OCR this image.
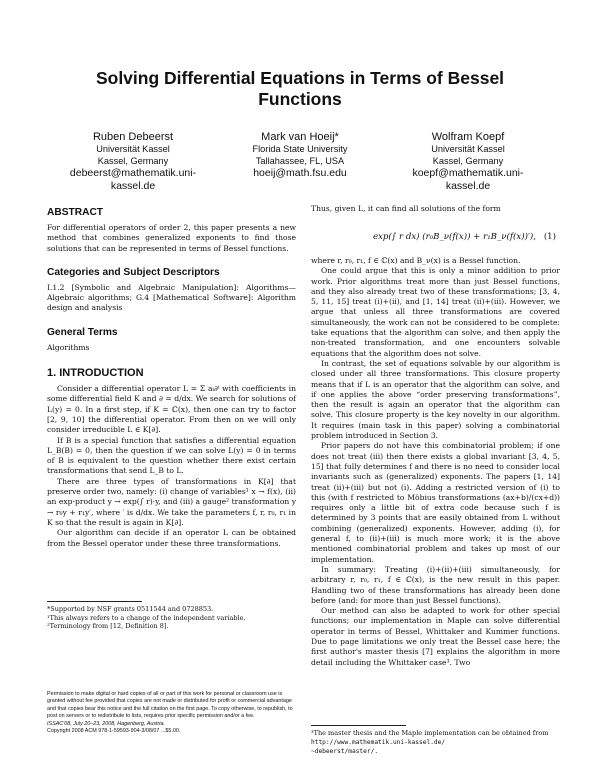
Solving Differential Equations in Terms of Bessel Functions
Ruben Debeerst
Universität Kassel
Kassel, Germany
debeerst@mathematik.uni-
kassel.de
Mark van Hoeij*
Florida State University
Tallahassee, FL, USA
hoeij@math.fsu.edu
Wolfram Koepf
Universität Kassel
Kassel, Germany
koepf@mathematik.uni-
kassel.de
ABSTRACT

For differential operators of order 2, this paper presents a new method that combines generalized exponents to find those solutions that can be represented in terms of Bessel functions.

Categories and Subject Descriptors

I.1.2 [Symbolic and Algebraic Manipulation]: Algorithms—Algebraic algorithms; G.4 [Mathematical Software]: Algorithm design and analysis

General Terms

Algorithms

1. INTRODUCTION

Consider a differential operator L = Σ aᵢ∂ⁱ with coefficients in some differential field K and ∂ = d/dx. We search for solutions of L(y) = 0. In a first step, if K = ℂ(x), then one can try to factor [2, 9, 10] the differential operator. From then on we will only consider irreducible L ∈ K[∂].

If B is a special function that satisfies a differential equation L_B(B) = 0, then the question if we can solve L(y) = 0 in terms of B is equivalent to the question whether there exist certain transformations that send L_B to L.

There are three types of transformations in K[∂] that preserve order two, namely: (i) change of variables¹ x → f(x), (ii) an exp-product y → exp(∫ r)·y, and (iii) a gauge² transformation y → r₀y + r₁y′, where ′ is d/dx. We take the parameters f, r, r₀, r₁ in K so that the result is again in K[∂].

Our algorithm can decide if an operator L can be obtained from the Bessel operator under these three transformations.

*Supported by NSF grants 0511544 and 0728853.
¹This always refers to a change of the independent variable.
²Terminology from [12, Definition 8].
Permission to make digital or hard copies of all or part of this work for personal or classroom use is granted without fee provided that copies are not made or distributed for profit or commercial advantage and that copies bear this notice and the full citation on the first page. To copy otherwise, to republish, to post on servers or to redistribute to lists, requires prior specific permission and/or a fee.
ISSAC'08, July 20–23, 2008, Hagenberg, Austria.
Copyright 2008 ACM 978-1-59593-904-3/08/07 ...$5.00.

Thus, given L, it can find all solutions of the form

exp(∫ r dx) (r₀B_ν(f(x)) + r₁B_ν(f(x))′), (1)

where r, r₀, r₁, f ∈ ℂ(x) and B_ν(x) is a Bessel function.

One could argue that this is only a minor addition to prior work. Prior algorithms treat more than just Bessel functions, and they also already treat two of these transformations; [3, 4, 5, 11, 15] treat (i)+(ii), and [1, 14] treat (ii)+(iii). However, we argue that unless all three transformations are covered simultaneously, the work can not be considered to be complete: take equations that the algorithm can solve, and then apply the non-treated transformation, and one encounters solvable equations that the algorithm does not solve.

In contrast, the set of equations solvable by our algorithm is closed under all three transformations. This closure property means that if L is an operator that the algorithm can solve, and if one applies the above “order preserving transformations”, then the result is again an operator that the algorithm can solve. This closure property is the key novelty in our algorithm. It requires (main task in this paper) solving a combinatorial problem introduced in Section 3.

Prior papers do not have this combinatorial problem; if one does not treat (iii) then there exists a global invariant [3, 4, 5, 15] that fully determines f and there is no need to consider local invariants such as (generalized) exponents. The papers [1, 14] treat (ii)+(iii) but not (i). Adding a restricted version of (i) to this (with f restricted to Möbius transformations (ax+b)/(cx+d)) requires only a little bit of extra code because such f is determined by 3 points that are easily obtained from L without combining (generalized) exponents. However, adding (i), for general f, to (ii)+(iii) is much more work; it is the above mentioned combinatorial problem and takes up most of our implementation.

In summary: Treating (i)+(ii)+(iii) simultaneously, for arbitrary r, r₀, r₁, f ∈ ℂ(x), is the new result in this paper. Handling two of these transformations has already been done before (and: for more than just Bessel functions).

Our method can also be adapted to work for other special functions; our implementation in Maple can solve differential operator in terms of Bessel, Whittaker and Kummer functions. Due to page limitations we only treat the Bessel case here; the first author's master thesis [7] explains the algorithm in more detail including the Whittaker case³. Two

³The master thesis and the Maple implementation can be obtained from http://www.mathematik.uni-kassel.de/
~debeerst/master/.
